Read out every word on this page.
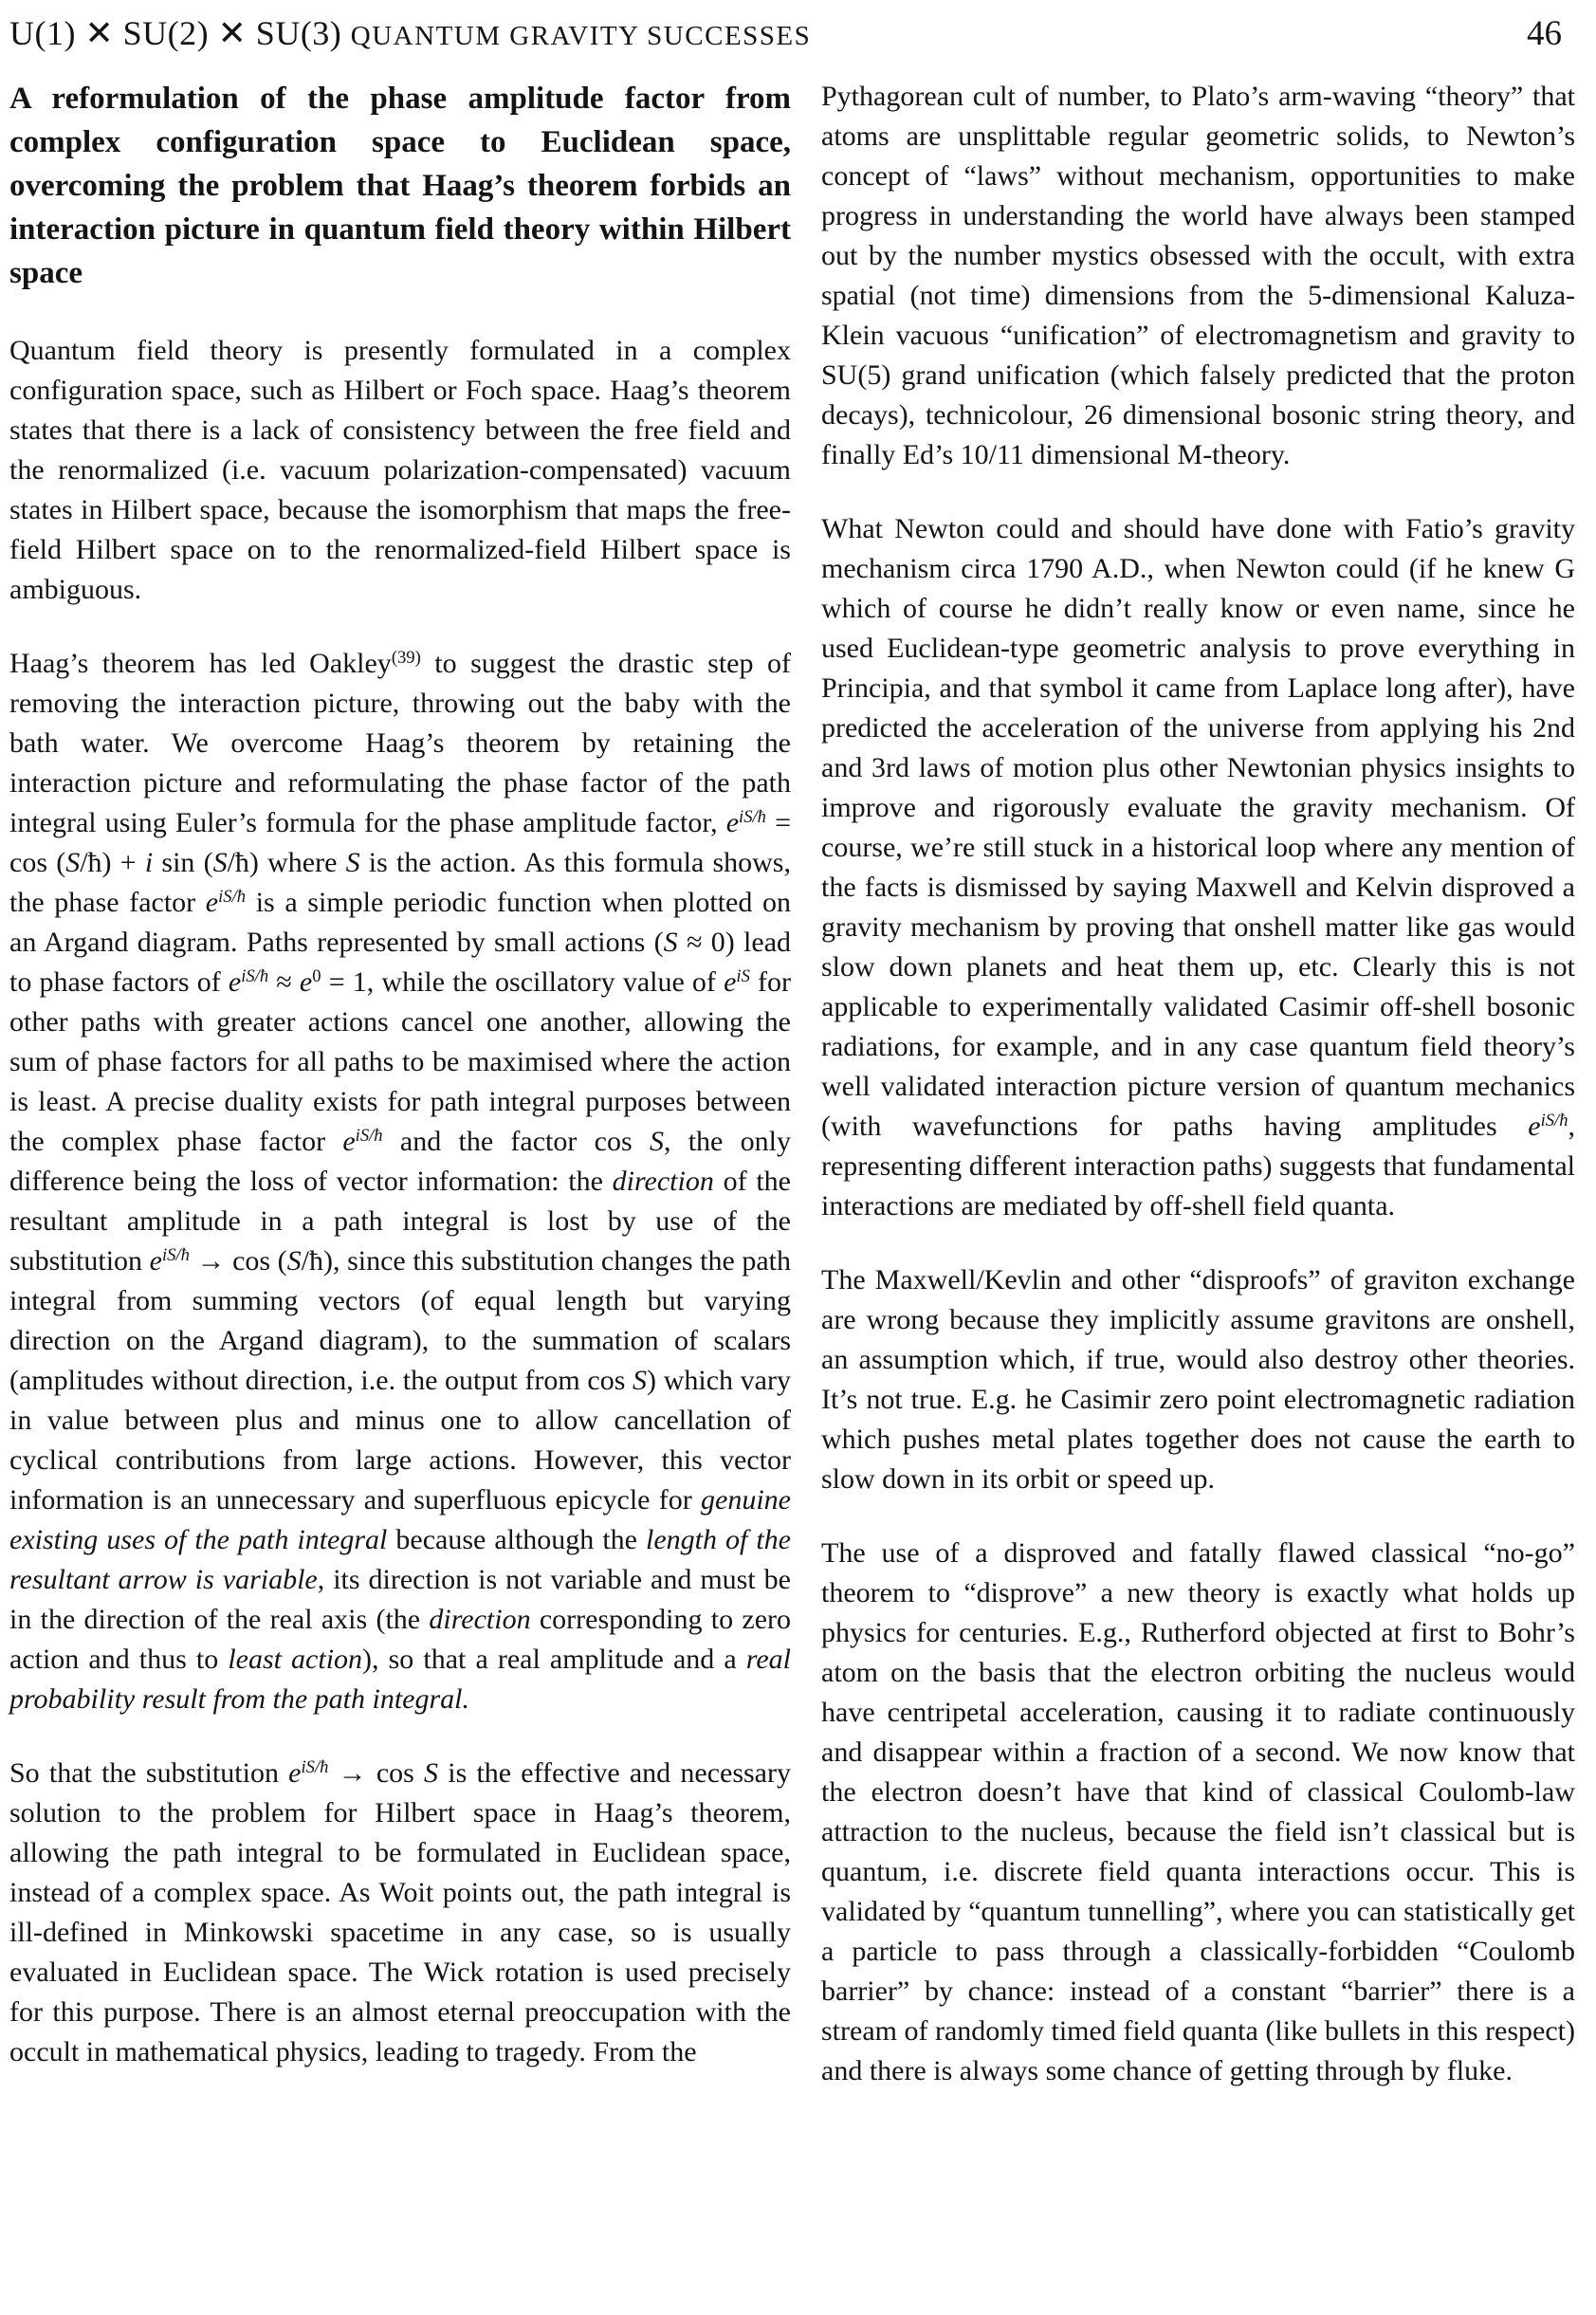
U(1) ✕ SU(2) ✕ SU(3) QUANTUM GRAVITY SUCCESSES	46
A reformulation of the phase amplitude factor from complex configuration space to Euclidean space, overcoming the problem that Haag’s theorem forbids an interaction picture in quantum field theory within Hilbert space

Quantum field theory is presently formulated in a complex configuration space, such as Hilbert or Foch space. Haag’s theorem states that there is a lack of consistency between the free field and the renormalized (i.e. vacuum polarization-compensated) vacuum states in Hilbert space, because the isomorphism that maps the free-field Hilbert space on to the renormalized-field Hilbert space is ambiguous.

Haag’s theorem has led Oakley$^{(39)}$ to suggest the drastic step of removing the interaction picture, throwing out the baby with the bath water. We overcome Haag’s theorem by retaining the interaction picture and reformulating the phase factor of the path integral using Euler’s formula for the phase amplitude factor, $e^{iS/ħ} = \cos$ (S/ħ) + i sin (S/ħ) where S is the action. As this formula shows, the phase factor $e^{iS/ħ}$ is a simple periodic function when plotted on an Argand diagram. Paths represented by small actions (S ≈ 0) lead to phase factors of $e^{iS/ħ} \approx e^0 = 1$, while the oscillatory value of $e^{iS}$ for other paths with greater actions cancel one another, allowing the sum of phase factors for all paths to be maximised where the action is least. A precise duality exists for path integral purposes between the complex phase factor $e^{iS/ħ}$ and the factor cos S, the only difference being the loss of vector information: the direction of the resultant amplitude in a path integral is lost by use of the substitution $e^{iS/ħ} \to \cos$ (S/ħ), since this substitution changes the path integral from summing vectors (of equal length but varying direction on the Argand diagram), to the summation of scalars (amplitudes without direction, i.e. the output from cos S) which vary in value between plus and minus one to allow cancellation of cyclical contributions from large actions. However, this vector information is an unnecessary and superfluous epicycle for genuine existing uses of the path integral because although the length of the resultant arrow is variable, its direction is not variable and must be in the direction of the real axis (the direction corresponding to zero action and thus to least action), so that a real amplitude and a real probability result from the path integral.

So that the substitution $e^{iS/ħ} \to \cos S$ is the effective and necessary solution to the problem for Hilbert space in Haag’s theorem, allowing the path integral to be formulated in Euclidean space, instead of a complex space. As Woit points out, the path integral is ill-defined in Minkowski spacetime in any case, so is usually evaluated in Euclidean space. The Wick rotation is used precisely for this purpose. There is an almost eternal preoccupation with the occult in mathematical physics, leading to tragedy. From the

Pythagorean cult of number, to Plato’s arm-waving “theory” that atoms are unsplittable regular geometric solids, to Newton’s concept of “laws” without mechanism, opportunities to make progress in understanding the world have always been stamped out by the number mystics obsessed with the occult, with extra spatial (not time) dimensions from the 5-dimensional Kaluza-Klein vacuous “unification” of electromagnetism and gravity to SU(5) grand unification (which falsely predicted that the proton decays), technicolour, 26 dimensional bosonic string theory, and finally Ed’s 10/11 dimensional M-theory.

What Newton could and should have done with Fatio’s gravity mechanism circa 1790 A.D., when Newton could (if he knew G which of course he didn’t really know or even name, since he used Euclidean-type geometric analysis to prove everything in Principia, and that symbol it came from Laplace long after), have predicted the acceleration of the universe from applying his 2nd and 3rd laws of motion plus other Newtonian physics insights to improve and rigorously evaluate the gravity mechanism. Of course, we’re still stuck in a historical loop where any mention of the facts is dismissed by saying Maxwell and Kelvin disproved a gravity mechanism by proving that onshell matter like gas would slow down planets and heat them up, etc. Clearly this is not applicable to experimentally validated Casimir off-shell bosonic radiations, for example, and in any case quantum field theory’s well validated interaction picture version of quantum mechanics (with wavefunctions for paths having amplitudes $e^{iS/ħ}$, representing different interaction paths) suggests that fundamental interactions are mediated by off-shell field quanta.

The Maxwell/Kevlin and other “disproofs” of graviton exchange are wrong because they implicitly assume gravitons are onshell, an assumption which, if true, would also destroy other theories. It’s not true. E.g. he Casimir zero point electromagnetic radiation which pushes metal plates together does not cause the earth to slow down in its orbit or speed up.

The use of a disproved and fatally flawed classical “no-go” theorem to “disprove” a new theory is exactly what holds up physics for centuries. E.g., Rutherford objected at first to Bohr’s atom on the basis that the electron orbiting the nucleus would have centripetal acceleration, causing it to radiate continuously and disappear within a fraction of a second. We now know that the electron doesn’t have that kind of classical Coulomb-law attraction to the nucleus, because the field isn’t classical but is quantum, i.e. discrete field quanta interactions occur. This is validated by “quantum tunnelling”, where you can statistically get a particle to pass through a classically-forbidden “Coulomb barrier” by chance: instead of a constant “barrier” there is a stream of randomly timed field quanta (like bullets in this respect) and there is always some chance of getting through by fluke.
